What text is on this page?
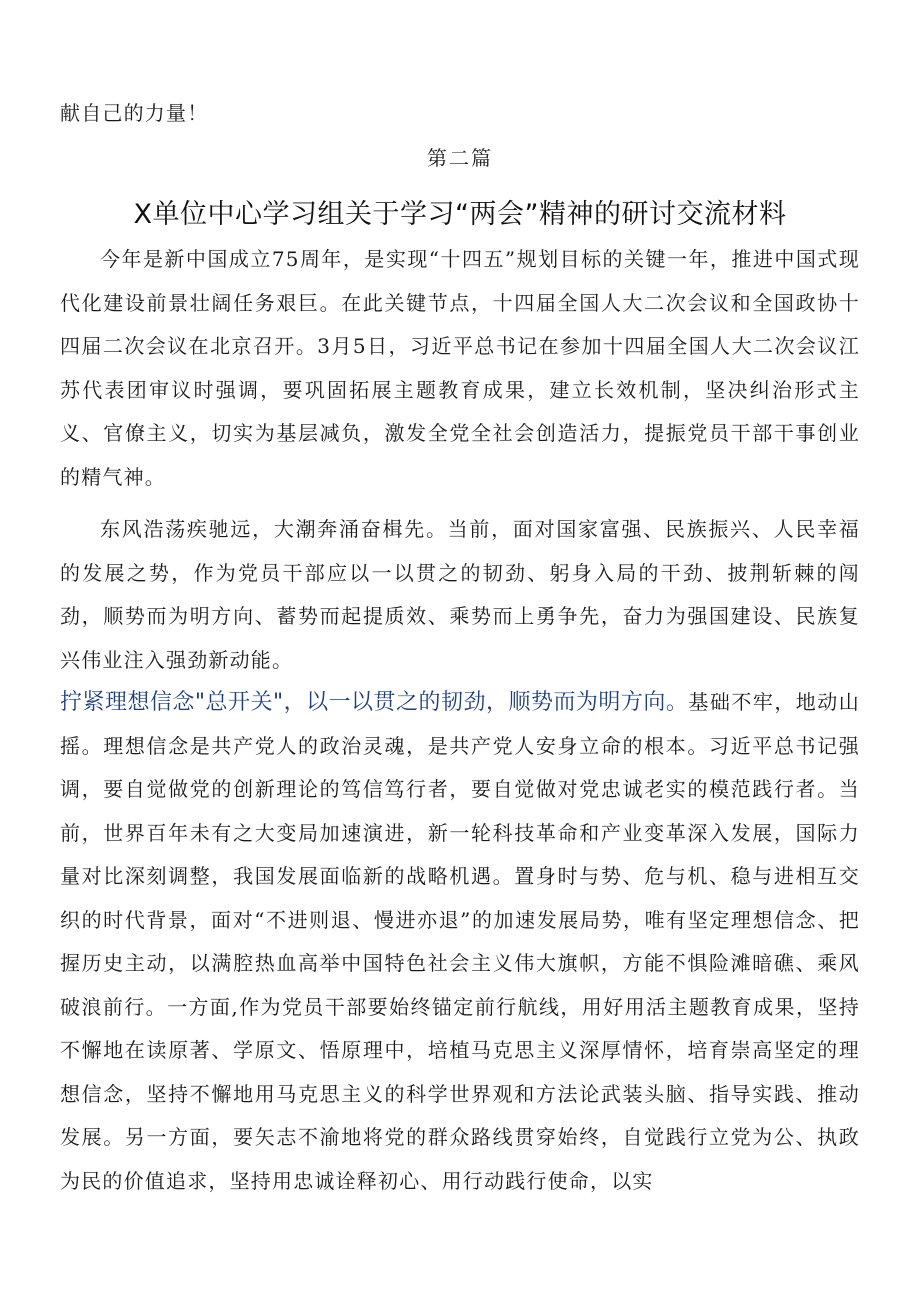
献自己的力量！

第二篇

X单位中心学习组关于学习“两会”精神的研讨交流材料

今年是新中国成立75周年，是实现“十四五”规划目标的关键一年，推进中国式现代化建设前景壮阔任务艰巨。在此关键节点，十四届全国人大二次会议和全国政协十四届二次会议在北京召开。3月5日，习近平总书记在参加十四届全国人大二次会议江苏代表团审议时强调，要巩固拓展主题教育成果，建立长效机制，坚决纠治形式主义、官僚主义，切实为基层减负，激发全党全社会创造活力，提振党员干部干事创业的精气神。

东风浩荡疾驰远，大潮奔涌奋楫先。当前，面对国家富强、民族振兴、人民幸福的发展之势，作为党员干部应以一以贯之的韧劲、躬身入局的干劲、披荆斩棘的闯劲，顺势而为明方向、蓄势而起提质效、乘势而上勇争先，奋力为强国建设、民族复兴伟业注入强劲新动能。

拧紧理想信念"总开关"，以一以贯之的韧劲，顺势而为明方向。基础不牢，地动山摇。理想信念是共产党人的政治灵魂，是共产党人安身立命的根本。习近平总书记强调，要自觉做党的创新理论的笃信笃行者，要自觉做对党忠诚老实的模范践行者。当前，世界百年未有之大变局加速演进，新一轮科技革命和产业变革深入发展，国际力量对比深刻调整，我国发展面临新的战略机遇。置身时与势、危与机、稳与进相互交织的时代背景，面对“不进则退、慢进亦退”的加速发展局势，唯有坚定理想信念、把握历史主动，以满腔热血高举中国特色社会主义伟大旗帜，方能不惧险滩暗礁、乘风破浪前行。一方面,作为党员干部要始终锚定前行航线，用好用活主题教育成果，坚持不懈地在读原著、学原文、悟原理中，培植马克思主义深厚情怀，培育崇高坚定的理想信念，坚持不懈地用马克思主义的科学世界观和方法论武装头脑、指导实践、推动发展。另一方面，要矢志不渝地将党的群众路线贯穿始终，自觉践行立党为公、执政为民的价值追求，坚持用忠诚诠释初心、用行动践行使命，以实
